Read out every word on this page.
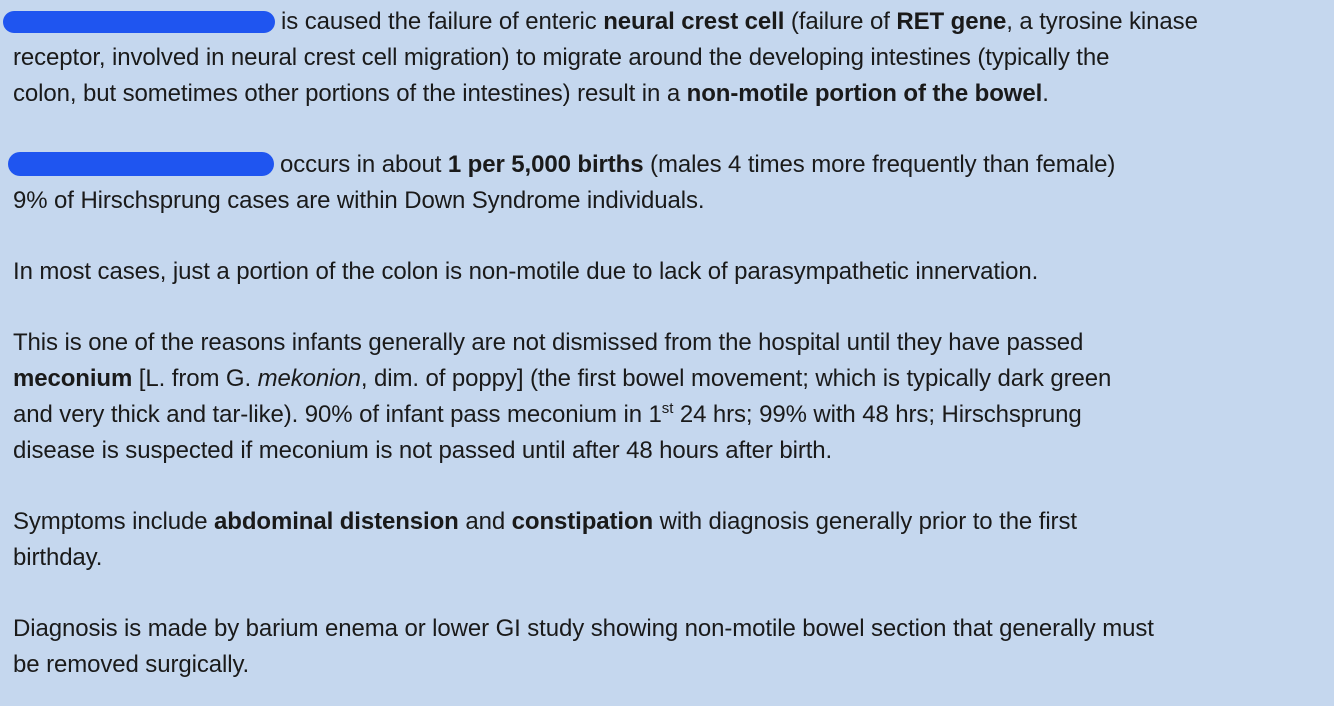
is caused the failure of enteric neural crest cell (failure of RET gene, a tyrosine kinase
receptor, involved in neural crest cell migration) to migrate around the developing intestines (typically the
colon, but sometimes other portions of the intestines) result in a non-motile portion of the bowel.

occurs in about 1 per 5,000 births (males 4 times more frequently than female)
9% of Hirschsprung cases are within Down Syndrome individuals.

In most cases, just a portion of the colon is non-motile due to lack of parasympathetic innervation.

This is one of the reasons infants generally are not dismissed from the hospital until they have passed
meconium [L. from G. mekonion, dim. of poppy] (the first bowel movement; which is typically dark green
and very thick and tar-like). 90% of infant pass meconium in 1st 24 hrs; 99% with 48 hrs; Hirschsprung
disease is suspected if meconium is not passed until after 48 hours after birth.

Symptoms include abdominal distension and constipation with diagnosis generally prior to the first
birthday.

Diagnosis is made by barium enema or lower GI study showing non-motile bowel section that generally must
be removed surgically.
